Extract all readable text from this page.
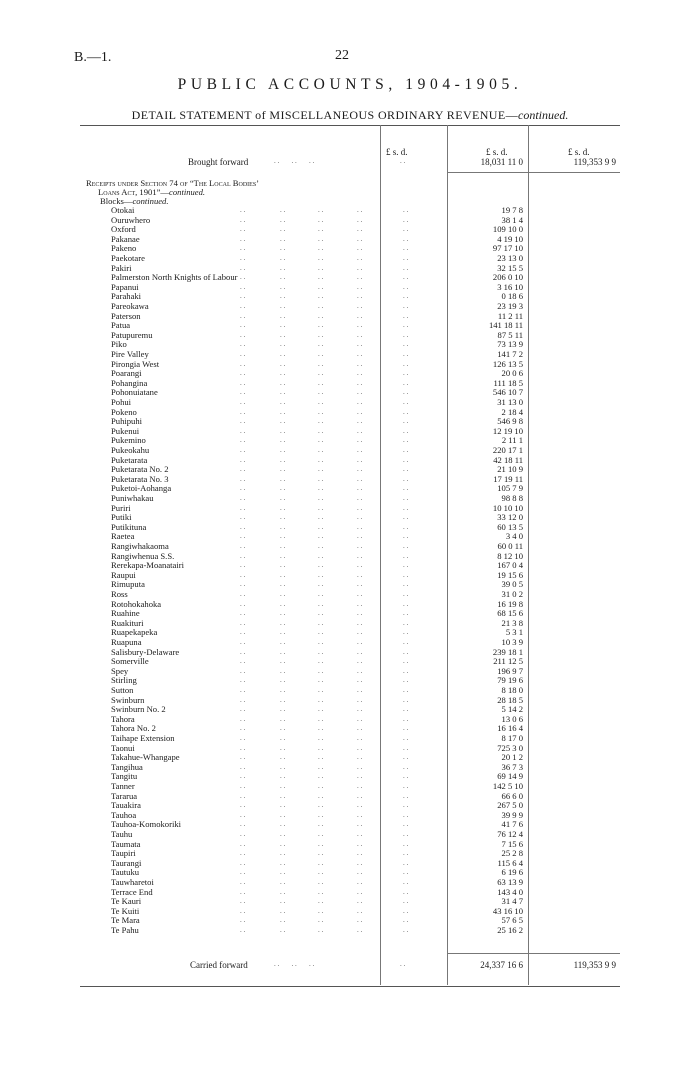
B.—1.	22
PUBLIC ACCOUNTS, 1904-1905.
DETAIL STATEMENT of MISCELLANEOUS ORDINARY REVENUE—continued.
£ s. d.	£ s. d.	£ s. d.
Brought forward	. .       . .       . .	. .	18,031 11 0	119,353 9 9
Receipts under Section 74 of “The Local Bodies’
Loans Act, 1901”—continued.
Blocks—continued.
Otokai	. .	. .	. .	. .	. .	19 7 8
Ouruwhero	. .	. .	. .	. .	. .	38 1 4
Oxford	. .	. .	. .	. .	. .	109 10 0
Pakanae	. .	. .	. .	. .	. .	4 19 10
Pakeno	. .	. .	. .	. .	. .	97 17 10
Paekotare	. .	. .	. .	. .	. .	23 13 0
Pakiri	. .	. .	. .	. .	. .	32 15 5
Palmerston North Knights of Labour . .	. .	. .	. .	. .	206 0 10
Papanui	. .	. .	. .	. .	. .	3 16 10
Parahaki	. .	. .	. .	. .	. .	0 18 6
Pareokawa	. .	. .	. .	. .	. .	23 19 3
Paterson	. .	. .	. .	. .	. .	11 2 11
Patua	. .	. .	. .	. .	. .	141 18 11
Patupuremu	. .	. .	. .	. .	. .	87 5 11
Piko	. .	. .	. .	. .	. .	73 13 9
Pire Valley	. .	. .	. .	. .	. .	141 7 2
Pirongia West	. .	. .	. .	. .	. .	126 13 5
Poarangi	. .	. .	. .	. .	. .	20 0 6
Pohangina	. .	. .	. .	. .	. .	111 18 5
Pohonuiatane	. .	. .	. .	. .	. .	546 10 7
Pohui	. .	. .	. .	. .	. .	31 13 0
Pokeno	. .	. .	. .	. .	. .	2 18 4
Puhipuhi	. .	. .	. .	. .	. .	546 9 8
Pukenui	. .	. .	. .	. .	. .	12 19 10
Pukemino	. .	. .	. .	. .	. .	2 11 1
Pukeokahu	. .	. .	. .	. .	. .	220 17 1
Puketarata	. .	. .	. .	. .	. .	42 18 11
Puketarata No. 2	. .	. .	. .	. .	. .	21 10 9
Puketarata No. 3	. .	. .	. .	. .	. .	17 19 11
Puketoi-Aohanga	. .	. .	. .	. .	. .	105 7 9
Puniwhakau	. .	. .	. .	. .	. .	98 8 8
Puriri	. .	. .	. .	. .	. .	10 10 10
Putiki	. .	. .	. .	. .	. .	33 12 0
Putikituna	. .	. .	. .	. .	. .	60 13 5
Raetea	. .	. .	. .	. .	. .	3 4 0
Rangiwhakaoma	. .	. .	. .	. .	. .	60 0 11
Rangiwhenua S.S.	. .	. .	. .	. .	. .	8 12 10
Rerekapa-Moanatairi	. .	. .	. .	. .	. .	167 0 4
Raupui	. .	. .	. .	. .	. .	19 15 6
Rimuputa	. .	. .	. .	. .	. .	39 0 5
Ross	. .	. .	. .	. .	. .	31 0 2
Rotohokahoka	. .	. .	. .	. .	. .	16 19 8
Ruahine	. .	. .	. .	. .	. .	68 15 6
Ruakituri	. .	. .	. .	. .	. .	21 3 8
Ruapekapeka	. .	. .	. .	. .	. .	5 3 1
Ruapuna	. .	. .	. .	. .	. .	10 3 9
Salisbury-Delaware	. .	. .	. .	. .	. .	239 18 1
Somerville	. .	. .	. .	. .	. .	211 12 5
Spey	. .	. .	. .	. .	. .	196 9 7
Stirling	. .	. .	. .	. .	. .	79 19 6
Sutton	. .	. .	. .	. .	. .	8 18 0
Swinburn	. .	. .	. .	. .	. .	28 18 5
Swinburn No. 2	. .	. .	. .	. .	. .	5 14 2
Tahora	. .	. .	. .	. .	. .	13 0 6
Tahora No. 2	. .	. .	. .	. .	. .	16 16 4
Taihape Extension	. .	. .	. .	. .	. .	8 17 0
Taonui	. .	. .	. .	. .	. .	725 3 0
Takahue-Whangape	. .	. .	. .	. .	. .	20 1 2
Tangihua	. .	. .	. .	. .	. .	36 7 3
Tangitu	. .	. .	. .	. .	. .	69 14 9
Tanner	. .	. .	. .	. .	. .	142 5 10
Tararua	. .	. .	. .	. .	. .	66 6 0
Tauakira	. .	. .	. .	. .	. .	267 5 0
Tauhoa	. .	. .	. .	. .	. .	39 9 9
Tauhoa-Komokoriki	. .	. .	. .	. .	. .	41 7 6
Tauhu	. .	. .	. .	. .	. .	76 12 4
Taumata	. .	. .	. .	. .	. .	7 15 6
Taupiri	. .	. .	. .	. .	. .	25 2 8
Taurangi	. .	. .	. .	. .	. .	115 6 4
Tautuku	. .	. .	. .	. .	. .	6 19 6
Tauwharetoi	. .	. .	. .	. .	. .	63 13 9
Terrace End	. .	. .	. .	. .	. .	143 4 0
Te Kauri	. .	. .	. .	. .	. .	31 4 7
Te Kuiti	. .	. .	. .	. .	. .	43 16 10
Te Mara	. .	. .	. .	. .	. .	57 6 5
Te Pahu	. .	. .	. .	. .	. .	25 16 2
Carried forward	. .       . .       . .	. .	24,337 16 6	119,353 9 9
